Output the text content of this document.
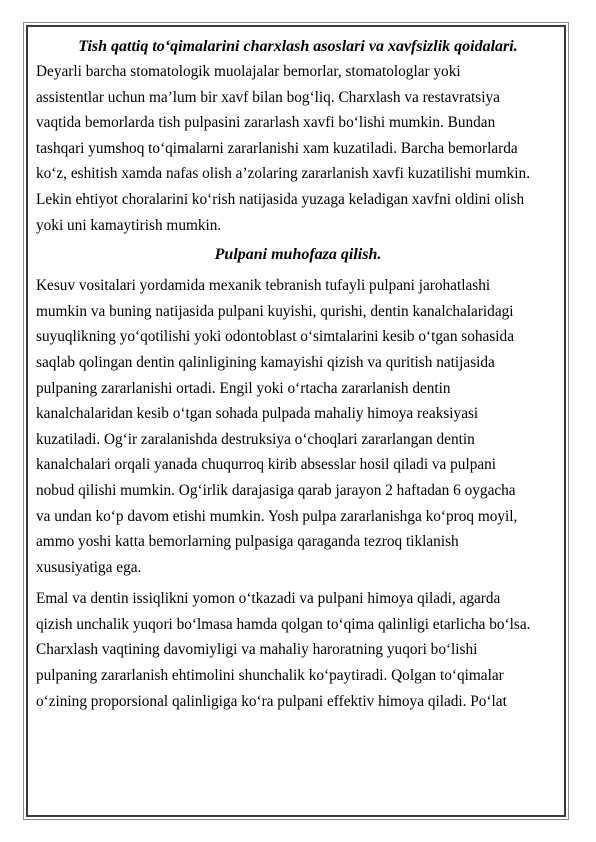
Tish qattiq to‘qimalarini charxlash asoslari va xavfsizlik qoidalari.

Deyarli barcha stomatologik muolajalar bemorlar, stomatologlar yoki
assistentlar uchun ma’lum bir xavf bilan bog‘liq. Charxlash va restavratsiya
vaqtida bemorlarda tish pulpasini zararlash xavfi bo‘lishi mumkin. Bundan
tashqari yumshoq to‘qimalarni zararlanishi xam kuzatiladi. Barcha bemorlarda
ko‘z, eshitish xamda nafas olish a’zolaring zararlanish xavfi kuzatilishi mumkin.
Lekin ehtiyot choralarini ko‘rish natijasida yuzaga keladigan xavfni oldini olish
yoki uni kamaytirish mumkin.

Pulpani muhofaza qilish.

Kesuv vositalari yordamida mexanik tebranish tufayli pulpani jarohatlashi
mumkin va buning natijasida pulpani kuyishi, qurishi, dentin kanalchalaridagi
suyuqlikning yo‘qotilishi yoki odontoblast o‘simtalarini kesib o‘tgan sohasida
saqlab qolingan dentin qalinligining kamayishi qizish va quritish natijasida
pulpaning zararlanishi ortadi. Engil yoki o‘rtacha zararlanish dentin
kanalchalaridan kesib o‘tgan sohada pulpada mahaliy himoya reaksiyasi
kuzatiladi. Og‘ir zaralanishda destruksiya o‘choqlari zararlangan dentin
kanalchalari orqali yanada chuqurroq kirib absesslar hosil qiladi va pulpani
nobud qilishi mumkin. Og‘irlik darajasiga qarab jarayon 2 haftadan 6 oygacha
va undan ko‘p davom etishi mumkin. Yosh pulpa zararlanishga ko‘proq moyil,
ammo yoshi katta bemorlarning pulpasiga qaraganda tezroq tiklanish
xususiyatiga ega.

Emal va dentin issiqlikni yomon o‘tkazadi va pulpani himoya qiladi, agarda
qizish unchalik yuqori bo‘lmasa hamda qolgan to‘qima qalinligi etarlicha bo‘lsa.
Charxlash vaqtining davomiyligi va mahaliy haroratning yuqori bo‘lishi
pulpaning zararlanish ehtimolini shunchalik ko‘paytiradi. Qolgan to‘qimalar
o‘zining proporsional qalinligiga ko‘ra pulpani effektiv himoya qiladi. Po‘lat
